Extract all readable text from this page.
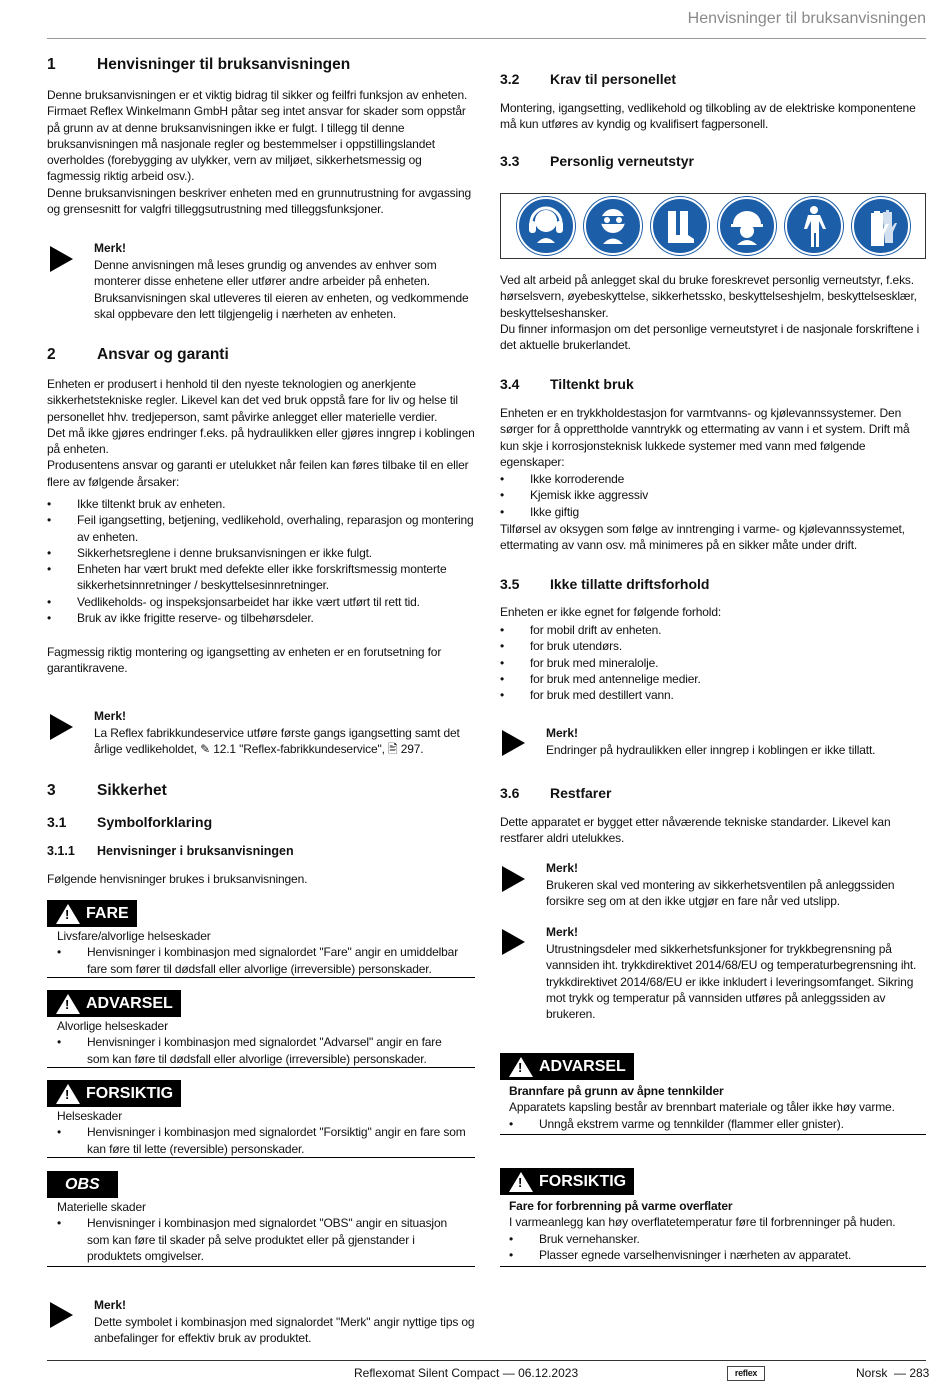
Henvisninger til bruksanvisningen
1	Henvisninger til bruksanvisningen
Denne bruksanvisningen er et viktig bidrag til sikker og feilfri funksjon av enheten.
Firmaet Reflex Winkelmann GmbH påtar seg intet ansvar for skader som oppstår
på grunn av at denne bruksanvisningen ikke er fulgt. I tillegg til denne
bruksanvisningen må nasjonale regler og bestemmelser i oppstillingslandet
overholdes (forebygging av ulykker, vern av miljøet, sikkerhetsmessig og
fagmessig riktig arbeid osv.).
Denne bruksanvisningen beskriver enheten med en grunnutrustning for avgassing
og grensesnitt for valgfri tilleggsutrustning med tilleggsfunksjoner.
Merk!
Denne anvisningen må leses grundig og anvendes av enhver som
monterer disse enhetene eller utfører andre arbeider på enheten.
Bruksanvisningen skal utleveres til eieren av enheten, og vedkommende
skal oppbevare den lett tilgjengelig i nærheten av enheten.
2	Ansvar og garanti
Enheten er produsert i henhold til den nyeste teknologien og anerkjente
sikkerhetstekniske regler. Likevel kan det ved bruk oppstå fare for liv og helse til
personellet hhv. tredjeperson, samt påvirke anlegget eller materielle verdier.
Det må ikke gjøres endringer f.eks. på hydraulikken eller gjøres inngrep i koblingen
på enheten.
Produsentens ansvar og garanti er utelukket når feilen kan føres tilbake til en eller
flere av følgende årsaker:
•	Ikke tiltenkt bruk av enheten.
•	Feil igangsetting, betjening, vedlikehold, overhaling, reparasjon og montering
av enheten.
•	Sikkerhetsreglene i denne bruksanvisningen er ikke fulgt.
•	Enheten har vært brukt med defekte eller ikke forskriftsmessig monterte
sikkerhetsinnretninger / beskyttelsesinnretninger.
•	Vedlikeholds- og inspeksjonsarbeidet har ikke vært utført til rett tid.
•	Bruk av ikke frigitte reserve- og tilbehørsdeler.
Fagmessig riktig montering og igangsetting av enheten er en forutsetning for
garantikravene.
Merk!
La Reflex fabrikkundeservice utføre første gangs igangsetting samt det
årlige vedlikeholdet, ✎ 12.1 "Reflex-fabrikkundeservice", 🖹 297.
3	Sikkerhet
3.1	Symbolforklaring
3.1.1	Henvisninger i bruksanvisningen
Følgende henvisninger brukes i bruksanvisningen.
! FARE
Livsfare/alvorlige helseskader
•	Henvisninger i kombinasjon med signalordet "Fare" angir en umiddelbar
fare som fører til dødsfall eller alvorlige (irreversible) personskader.
! ADVARSEL
Alvorlige helseskader
•	Henvisninger i kombinasjon med signalordet "Advarsel" angir en fare
som kan føre til dødsfall eller alvorlige (irreversible) personskader.
! FORSIKTIG
Helseskader
•	Henvisninger i kombinasjon med signalordet "Forsiktig" angir en fare som
kan føre til lette (reversible) personskader.
OBS
Materielle skader
•	Henvisninger i kombinasjon med signalordet "OBS" angir en situasjon
som kan føre til skader på selve produktet eller på gjenstander i
produktets omgivelser.
Merk!
Dette symbolet i kombinasjon med signalordet "Merk" angir nyttige tips og
anbefalinger for effektiv bruk av produktet.
3.2	Krav til personellet
Montering, igangsetting, vedlikehold og tilkobling av de elektriske komponentene
må kun utføres av kyndig og kvalifisert fagpersonell.
3.3	Personlig verneutstyr
Ved alt arbeid på anlegget skal du bruke foreskrevet personlig verneutstyr, f.eks.
hørselsvern, øyebeskyttelse, sikkerhetssko, beskyttelseshjelm, beskyttelsesklær,
beskyttelseshansker.
Du finner informasjon om det personlige verneutstyret i de nasjonale forskriftene i
det aktuelle brukerlandet.
3.4	Tiltenkt bruk
Enheten er en trykkholdestasjon for varmtvanns- og kjølevannssystemer. Den
sørger for å opprettholde vanntrykk og ettermating av vann i et system. Drift må
kun skje i korrosjonsteknisk lukkede systemer med vann med følgende
egenskaper:
•	Ikke korroderende
•	Kjemisk ikke aggressiv
•	Ikke giftig
Tilførsel av oksygen som følge av inntrenging i varme- og kjølevannssystemet,
ettermating av vann osv. må minimeres på en sikker måte under drift.
3.5	Ikke tillatte driftsforhold
Enheten er ikke egnet for følgende forhold:
•	for mobil drift av enheten.
•	for bruk utendørs.
•	for bruk med mineralolje.
•	for bruk med antennelige medier.
•	for bruk med destillert vann.
Merk!
Endringer på hydraulikken eller inngrep i koblingen er ikke tillatt.
3.6	Restfarer
Dette apparatet er bygget etter nåværende tekniske standarder. Likevel kan
restfarer aldri utelukkes.
Merk!
Brukeren skal ved montering av sikkerhetsventilen på anleggssiden
forsikre seg om at den ikke utgjør en fare når ved utslipp.
Merk!
Utrustningsdeler med sikkerhetsfunksjoner for trykkbegrensning på
vannsiden iht. trykkdirektivet 2014/68/EU og temperaturbegrensning iht.
trykkdirektivet 2014/68/EU er ikke inkludert i leveringsomfanget. Sikring
mot trykk og temperatur på vannsiden utføres på anleggssiden av
brukeren.
! ADVARSEL
Brannfare på grunn av åpne tennkilder
Apparatets kapsling består av brennbart materiale og tåler ikke høy varme.
•	Unngå ekstrem varme og tennkilder (flammer eller gnister).
! FORSIKTIG
Fare for forbrenning på varme overflater
I varmeanlegg kan høy overflatetemperatur føre til forbrenninger på huden.
•	Bruk vernehansker.
•	Plasser egnede varselhenvisninger i nærheten av apparatet.
Reflexomat Silent Compact — 06.12.2023	reflex	Norsk  — 283
